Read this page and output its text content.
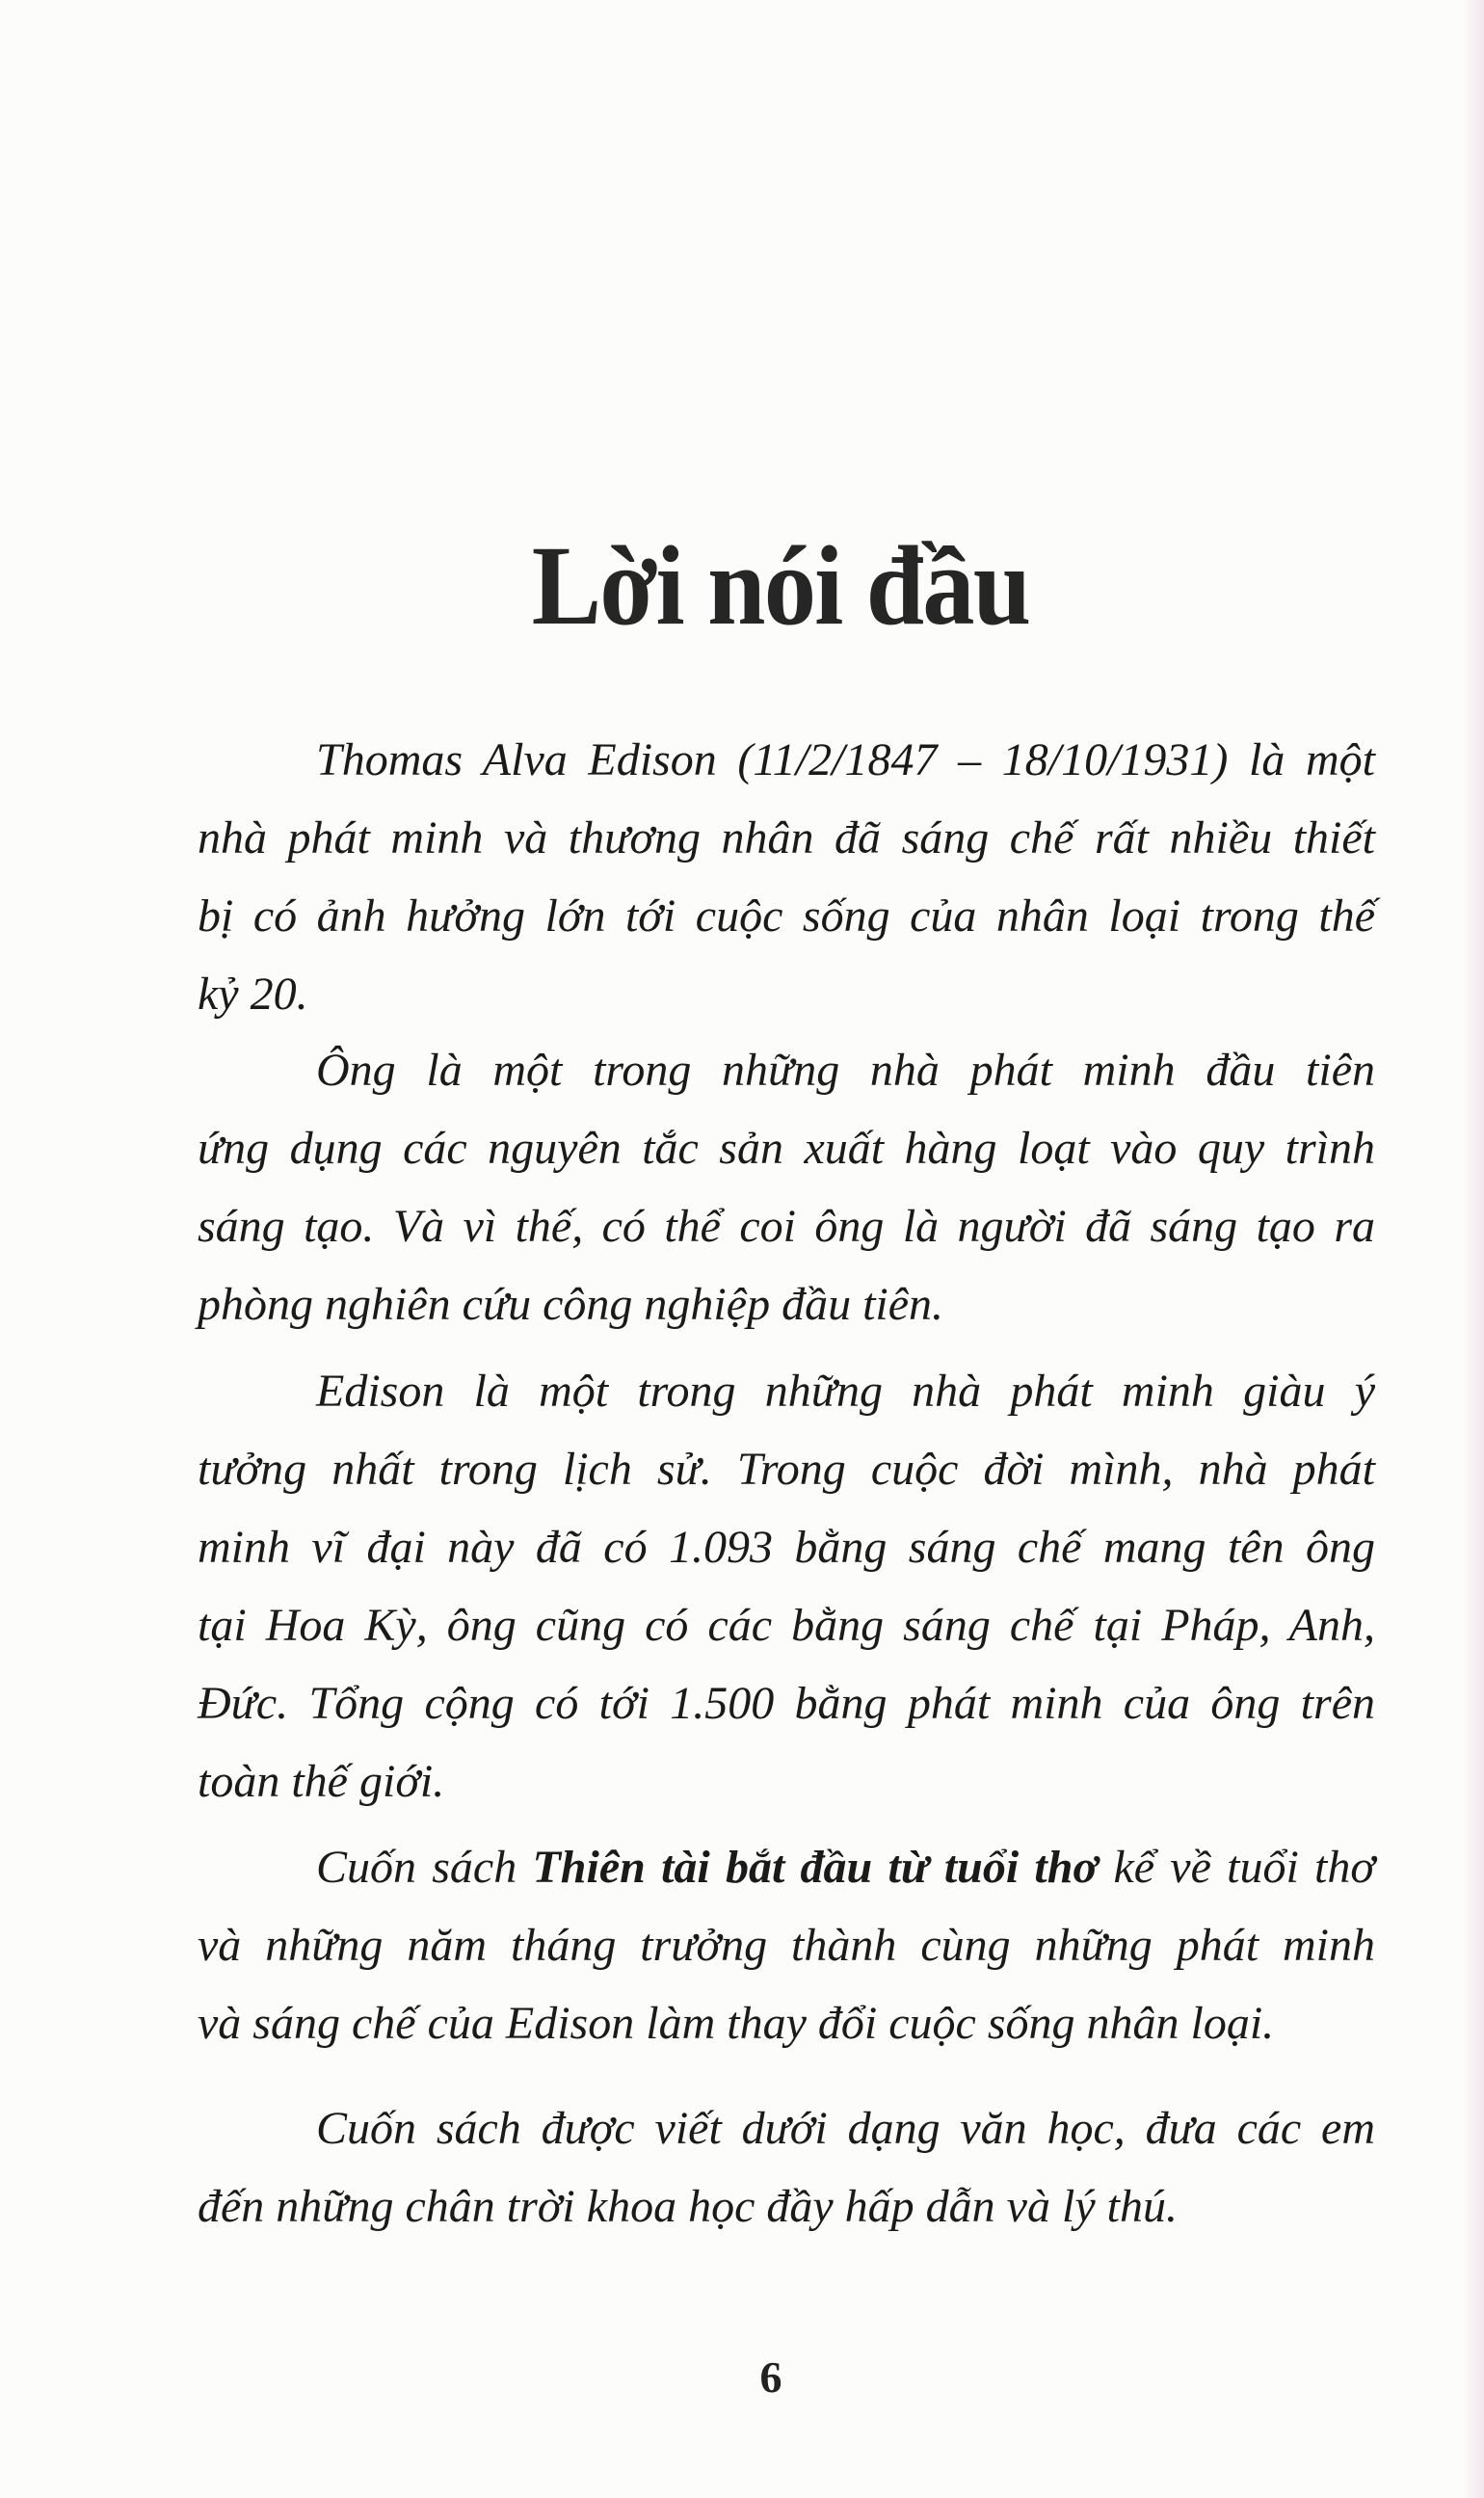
Lời nói đầu
Thomas Alva Edison (11/2/1847 – 18/10/1931) là một
nhà phát minh và thương nhân đã sáng chế rất nhiều thiết
bị có ảnh hưởng lớn tới cuộc sống của nhân loại trong thế
kỷ 20.
Ông là một trong những nhà phát minh đầu tiên
ứng dụng các nguyên tắc sản xuất hàng loạt vào quy trình
sáng tạo. Và vì thế, có thể coi ông là người đã sáng tạo ra
phòng nghiên cứu công nghiệp đầu tiên.
Edison là một trong những nhà phát minh giàu ý
tưởng nhất trong lịch sử. Trong cuộc đời mình, nhà phát
minh vĩ đại này đã có 1.093 bằng sáng chế mang tên ông
tại Hoa Kỳ, ông cũng có các bằng sáng chế tại Pháp, Anh,
Đức. Tổng cộng có tới 1.500 bằng phát minh của ông trên
toàn thế giới.
Cuốn sách Thiên tài bắt đầu từ tuổi thơ kể về tuổi thơ
và những năm tháng trưởng thành cùng những phát minh
và sáng chế của Edison làm thay đổi cuộc sống nhân loại.
Cuốn sách được viết dưới dạng văn học, đưa các em
đến những chân trời khoa học đầy hấp dẫn và lý thú.
6
